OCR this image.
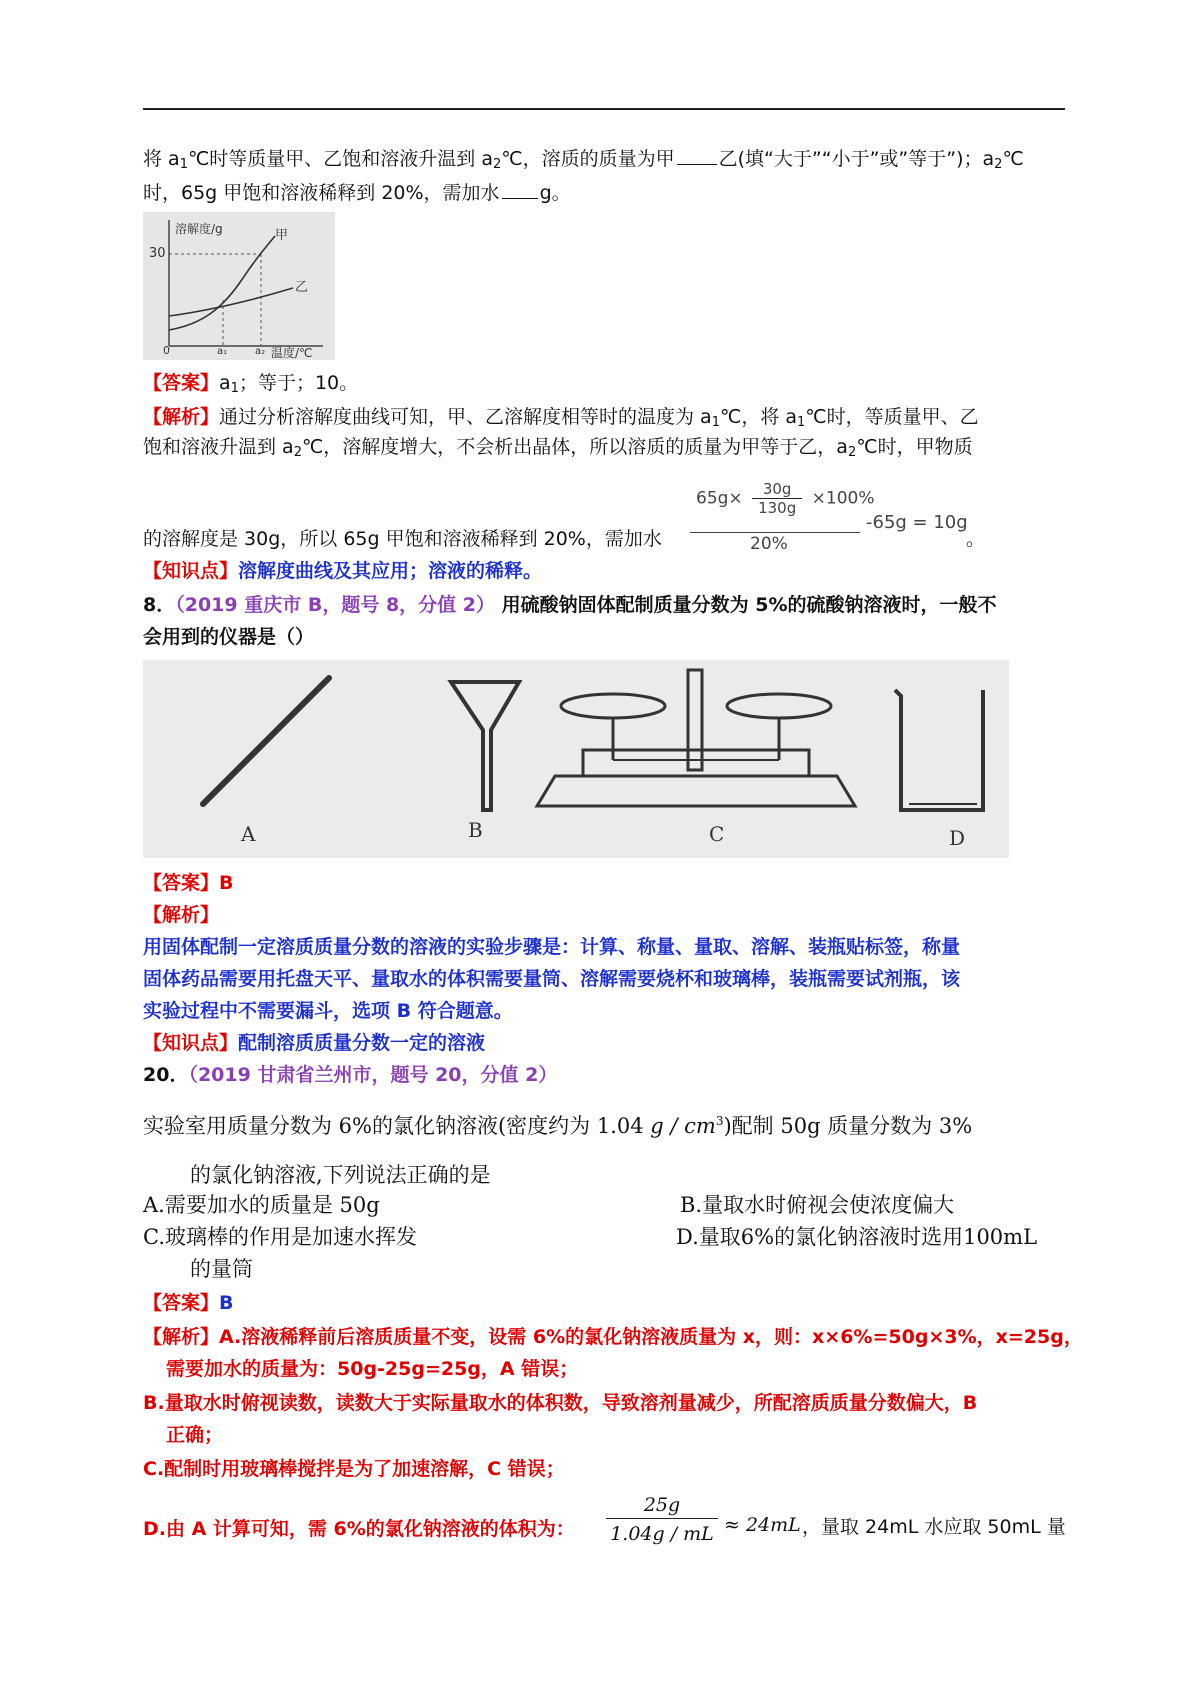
将 $a_1℃$时等质量甲、乙饱和溶液升温到 $a_2℃$，溶质的质量为甲 乙(填“大于”“小于”或”等于”)；$a_2℃$
时，65g 甲饱和溶液稀释到 20%，需加水 g。
溶解度/g
30
甲
乙
0	a₁	a₂ 温度/℃
【答案】$a_1$；等于；10。
【解析】通过分析溶解度曲线可知，甲、乙溶解度相等时的温度为 $a_1℃$，将 $a_1℃$时，等质量甲、乙
饱和溶液升温到 $a_2℃$，溶解度增大，不会析出晶体，所以溶质的质量为甲等于乙，$a_2℃$时，甲物质
$65g\times \frac{30g}{130g} \times 100\%$
20%
-65g = 10g
的溶解度是 30g，所以 65g 甲饱和溶液稀释到 20%，需加水	。
【知识点】溶解度曲线及其应用；溶液的稀释。
8．（2019 重庆市 B，题号 8，分值 2） 用硫酸钠固体配制质量分数为 5%的硫酸钠溶液时，一般不
会用到的仪器是（）
A	B	C	D
【答案】B
【解析】
用固体配制一定溶质质量分数的溶液的实验步骤是：计算、称量、量取、溶解、装瓶贴标签，称量
固体药品需要用托盘天平、量取水的体积需要量筒、溶解需要烧杯和玻璃棒，装瓶需要试剂瓶，该
实验过程中不需要漏斗，选项 B 符合题意。
【知识点】配制溶质质量分数一定的溶液
20．（2019 甘肃省兰州市，题号 20，分值 2）
实验室用质量分数为 6%的氯化钠溶液(密度约为 1.04 g / $cm^3$)配制 50g 质量分数为 3%
的氯化钠溶液,下列说法正确的是
A.需要加水的质量是 50g	B.量取水时俯视会使浓度偏大
C.玻璃棒的作用是加速水挥发	D.量取6%的氯化钠溶液时选用100mL
的量筒
【答案】B
【解析】A.溶液稀释前后溶质质量不变，设需 6%的氯化钠溶液质量为 x，则：x×6%=50g×3%，x=25g，
需要加水的质量为：50g-25g=25g，A 错误；
B.量取水时俯视读数，读数大于实际量取水的体积数，导致溶剂量减少，所配溶质质量分数偏大，B
正确；
C.配制时用玻璃棒搅拌是为了加速溶解，C 错误；
D.由 A 计算可知，需 6%的氯化钠溶液的体积为：
25g
1.04g / mL ≈ 24mL ，量取 24mL 水应取 50mL 量
